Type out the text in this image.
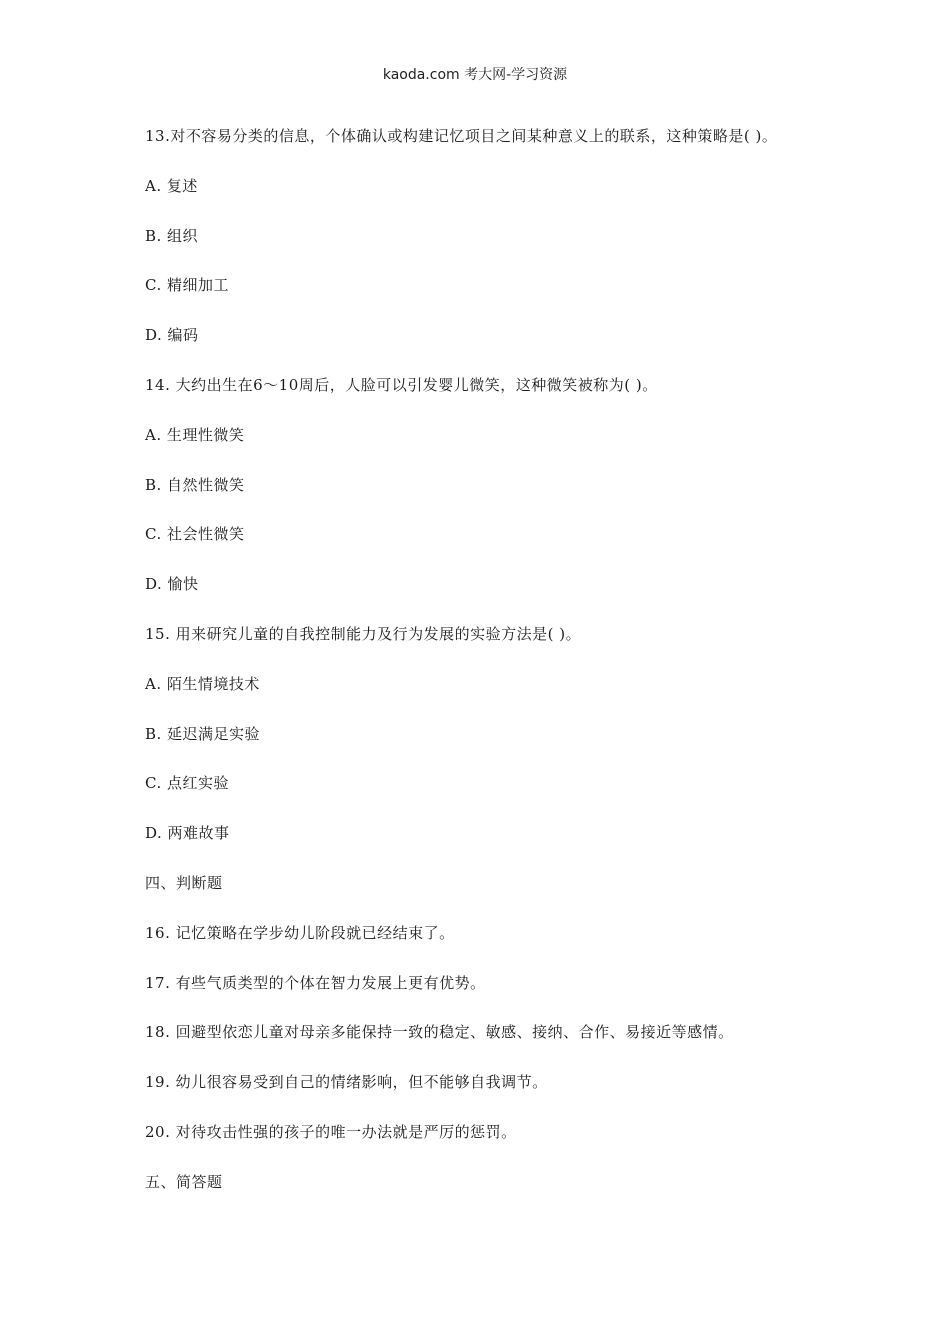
kaoda.com 考大网-学习资源
13.对不容易分类的信息，个体确认或构建记忆项目之间某种意义上的联系，这种策略是( )。
A. 复述
B. 组织
C. 精细加工
D. 编码
14. 大约出生在6～10周后，人脸可以引发婴儿微笑，这种微笑被称为( )。
A. 生理性微笑
B. 自然性微笑
C. 社会性微笑
D. 愉快
15. 用来研究儿童的自我控制能力及行为发展的实验方法是( )。
A. 陌生情境技术
B. 延迟满足实验
C. 点红实验
D. 两难故事
四、判断题
16. 记忆策略在学步幼儿阶段就已经结束了。
17. 有些气质类型的个体在智力发展上更有优势。
18. 回避型依恋儿童对母亲多能保持一致的稳定、敏感、接纳、合作、易接近等感情。
19. 幼儿很容易受到自己的情绪影响，但不能够自我调节。
20. 对待攻击性强的孩子的唯一办法就是严厉的惩罚。
五、简答题
